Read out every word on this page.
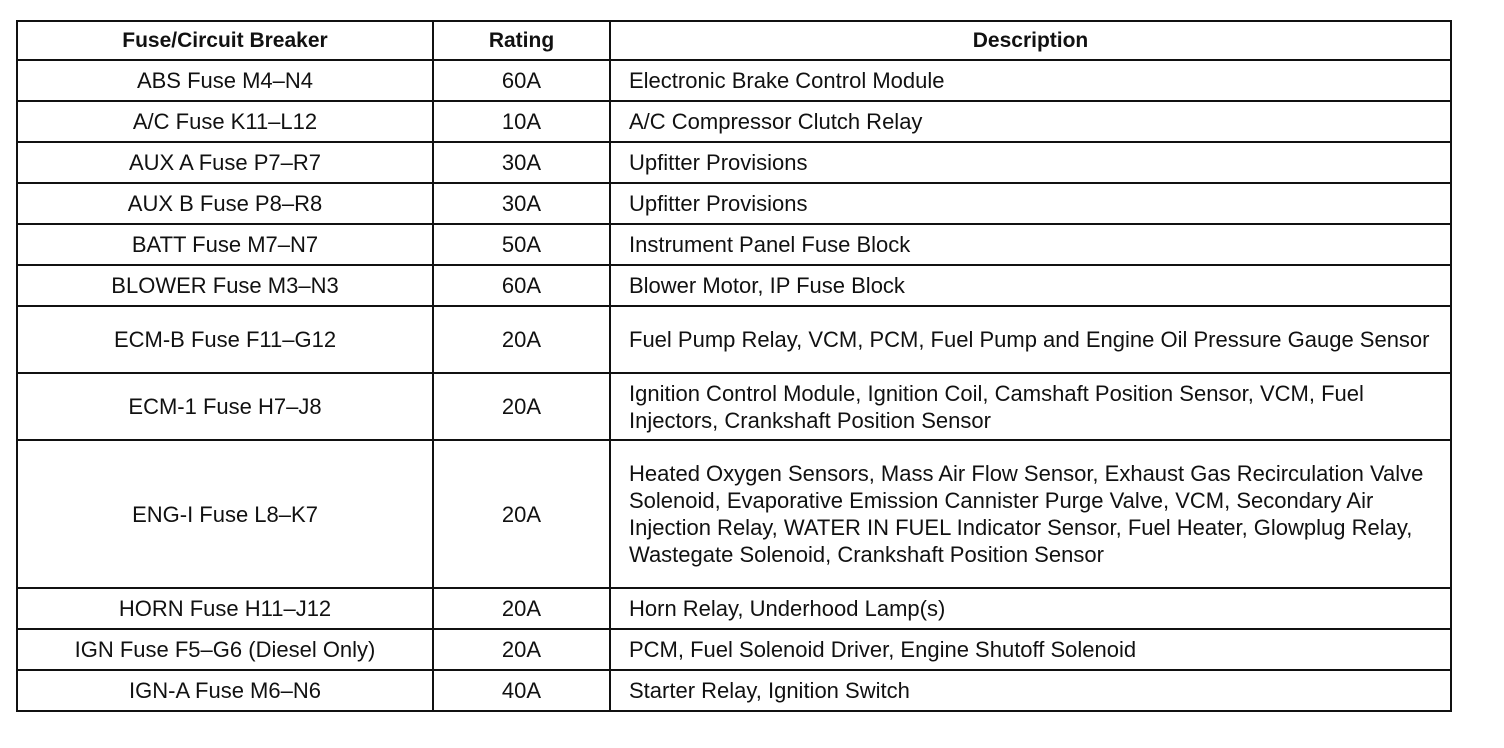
Fuse/Circuit Breaker	Rating	Description
ABS Fuse M4–N4	60A	Electronic Brake Control Module
A/C Fuse K11–L12	10A	A/C Compressor Clutch Relay
AUX A Fuse P7–R7	30A	Upfitter Provisions
AUX B Fuse P8–R8	30A	Upfitter Provisions
BATT Fuse M7–N7	50A	Instrument Panel Fuse Block
BLOWER Fuse M3–N3	60A	Blower Motor, IP Fuse Block
ECM-B Fuse F11–G12	20A	Fuel Pump Relay, VCM, PCM, Fuel Pump and Engine Oil Pressure Gauge Sensor
ECM-1 Fuse H7–J8	20A	Ignition Control Module, Ignition Coil, Camshaft Position Sensor, VCM, Fuel Injectors, Crankshaft Position Sensor
ENG-I Fuse L8–K7	20A	Heated Oxygen Sensors, Mass Air Flow Sensor, Exhaust Gas Recirculation Valve Solenoid, Evaporative Emission Cannister Purge Valve, VCM, Secondary Air Injection Relay, WATER IN FUEL Indicator Sensor, Fuel Heater, Glowplug Relay, Wastegate Solenoid, Crankshaft Position Sensor
HORN Fuse H11–J12	20A	Horn Relay, Underhood Lamp(s)
IGN Fuse F5–G6 (Diesel Only)	20A	PCM, Fuel Solenoid Driver, Engine Shutoff Solenoid
IGN-A Fuse M6–N6	40A	Starter Relay, Ignition Switch
